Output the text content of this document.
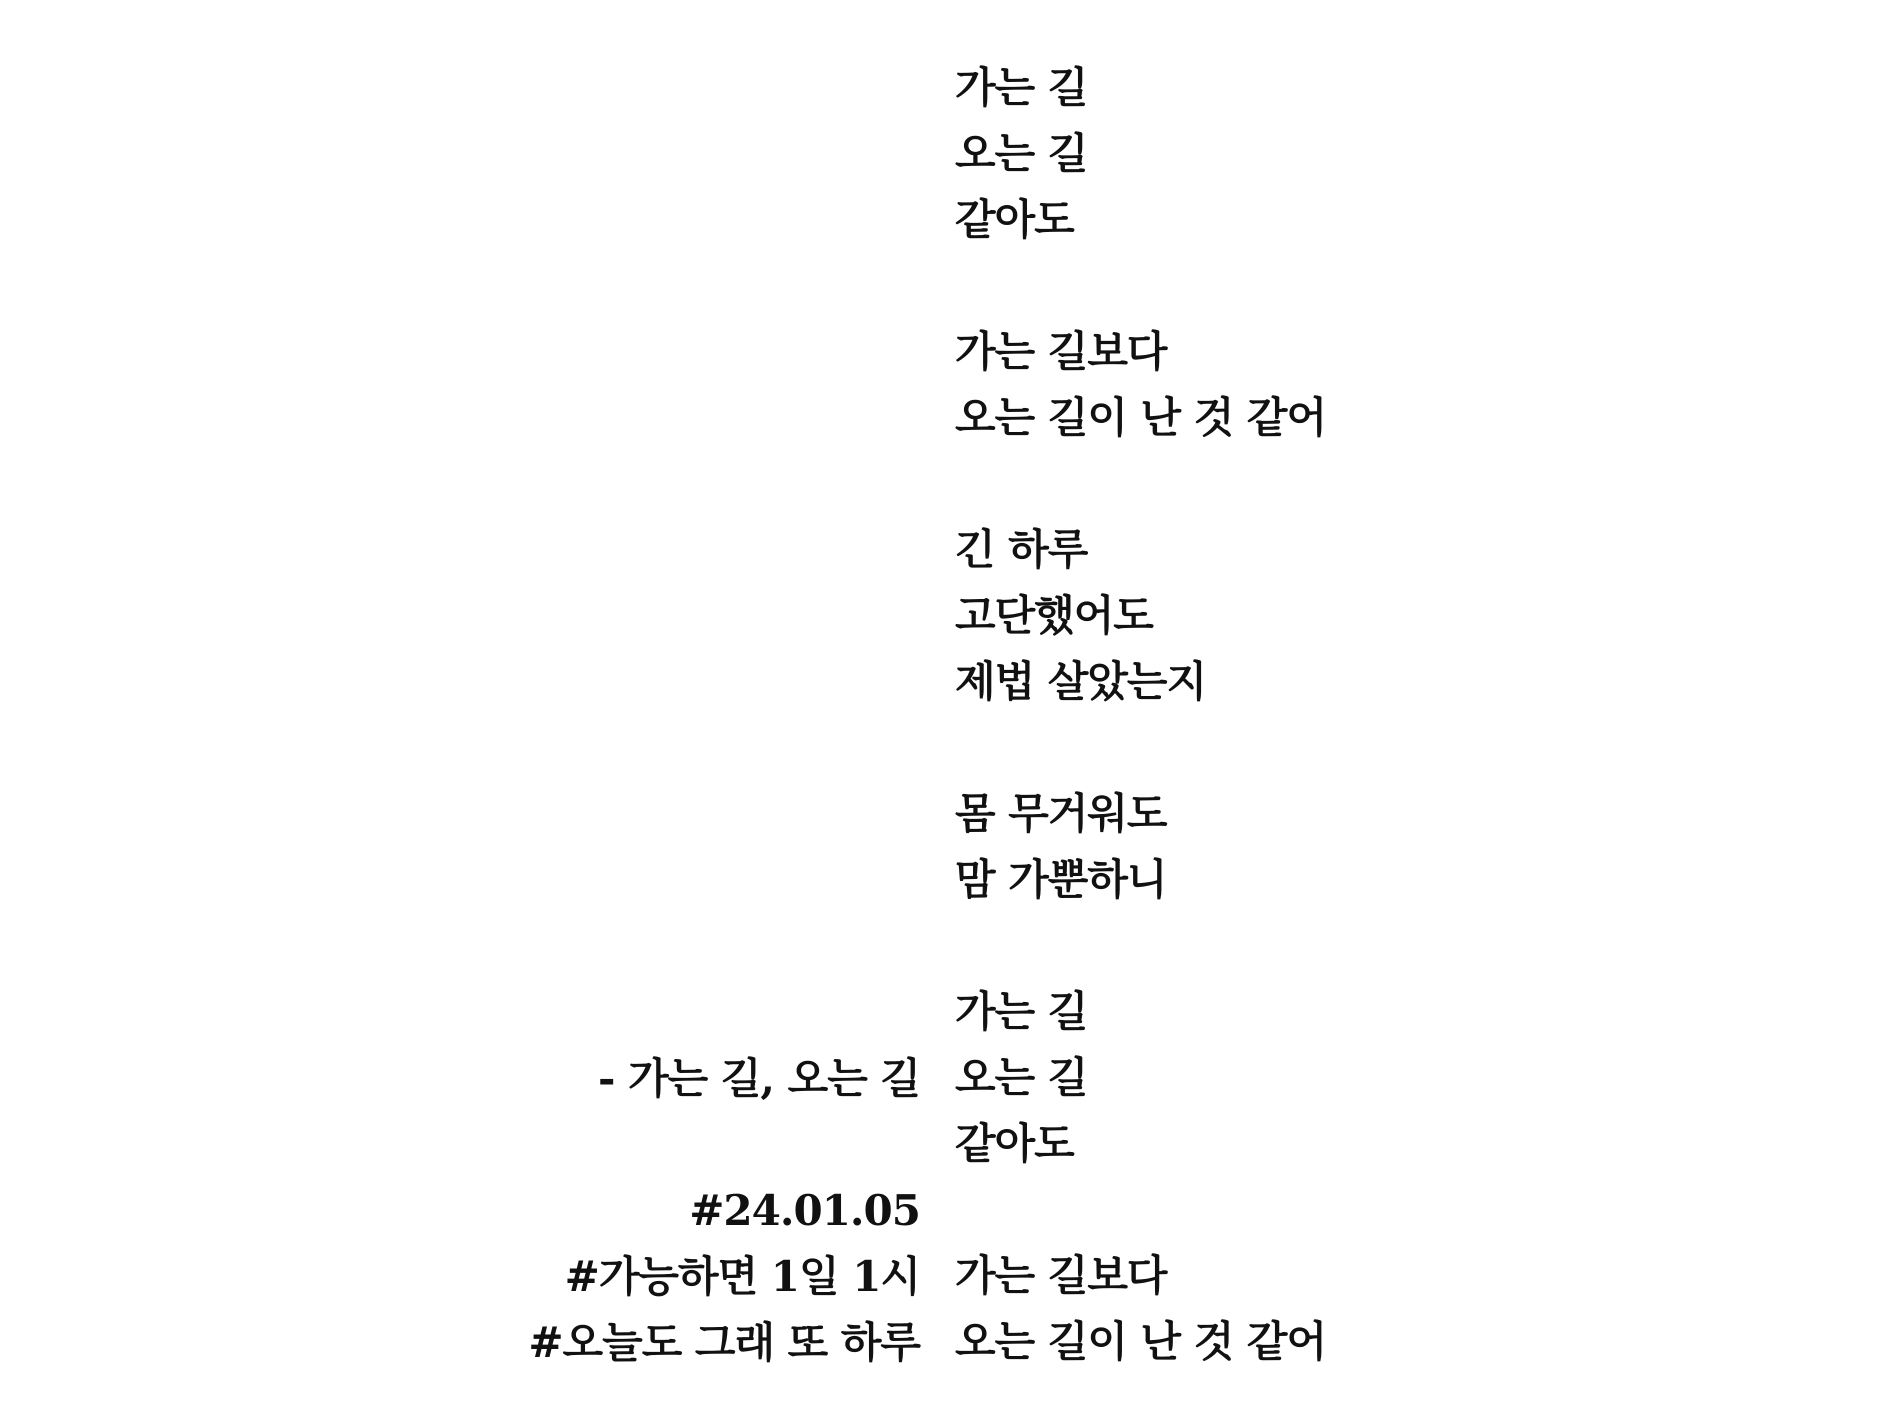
가는 길
오는 길
같아도
가는 길보다
오는 길이 난 것 같어
긴 하루
고단했어도
제법 살았는지
몸 무거워도
맘 가뿐하니
가는 길
오는 길
같아도
가는 길보다
오는 길이 난 것 같어
- 가는 길, 오는 길
#24.01.05
#가능하면 1일 1시
#오늘도 그래 또 하루
